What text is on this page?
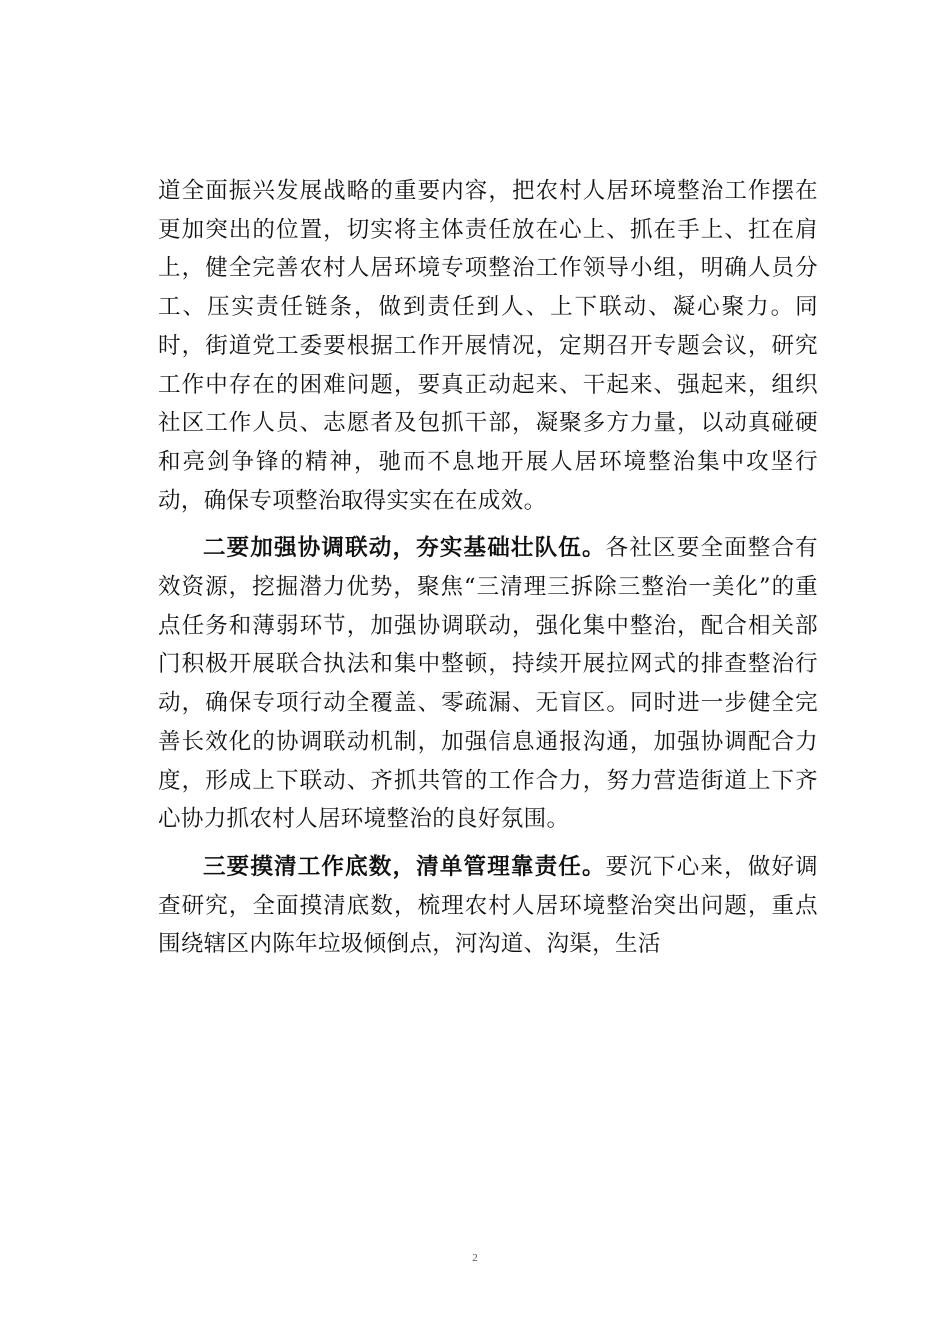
道全面振兴发展战略的重要内容，把农村人居环境整治工作摆在更加突出的位置，切实将主体责任放在心上、抓在手上、扛在肩上，健全完善农村人居环境专项整治工作领导小组，明确人员分工、压实责任链条，做到责任到人、上下联动、凝心聚力。同时，街道党工委要根据工作开展情况，定期召开专题会议，研究工作中存在的困难问题，要真正动起来、干起来、强起来，组织社区工作人员、志愿者及包抓干部，凝聚多方力量，以动真碰硬和亮剑争锋的精神，驰而不息地开展人居环境整治集中攻坚行动，确保专项整治取得实实在在成效。

二要加强协调联动，夯实基础壮队伍。各社区要全面整合有效资源，挖掘潜力优势，聚焦“三清理三拆除三整治一美化”的重点任务和薄弱环节，加强协调联动，强化集中整治，配合相关部门积极开展联合执法和集中整顿，持续开展拉网式的排查整治行动，确保专项行动全覆盖、零疏漏、无盲区。同时进一步健全完善长效化的协调联动机制，加强信息通报沟通，加强协调配合力度，形成上下联动、齐抓共管的工作合力，努力营造街道上下齐心协力抓农村人居环境整治的良好氛围。

三要摸清工作底数，清单管理靠责任。要沉下心来，做好调查研究，全面摸清底数，梳理农村人居环境整治突出问题，重点围绕辖区内陈年垃圾倾倒点，河沟道、沟渠，生活

2
